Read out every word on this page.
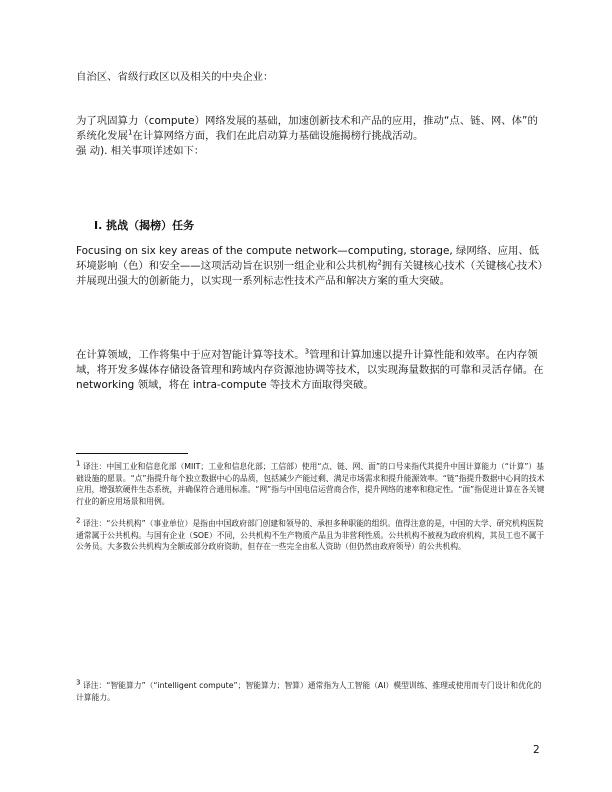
自治区、省级行政区以及相关的中央企业：

为了巩固算力（compute）网络发展的基础，加速创新技术和产品的应用，推动“点、链、网、体”的系统化发展$^1$在计算网络方面，我们在此启动算力基础设施揭榜行挑战活动。
强 动). 相关事项详述如下：

I. 挑战（揭榜）任务

Focusing on six key areas of the compute network—computing, storage, 绿网络、应用、低环境影响（色）和安全——这项活动旨在识别一组企业和公共机构$^2$拥有关键核心技术（关键核心技术）并展现出强大的创新能力，以实现一系列标志性技术产品和解决方案的重大突破。

在计算领域，工作将集中于应对智能计算等技术。$^3$管理和计算加速以提升计算性能和效率。在内存领域，将开发多媒体存储设备管理和跨域内存资源池协调等技术，以实现海量数据的可靠和灵活存储。在 networking 领域，将在 intra-compute 等技术方面取得突破。

$^1$ 译注：中国工业和信息化部（MIIT；工业和信息化部；工信部）使用“点、链、网、面”的口号来指代其提升中国计算能力（“计算”）基础设施的愿景。“点”指提升每个独立数据中心的品质，包括减少产能过剩、满足市场需求和提升能源效率。“链”指提升数据中心间的技术应用，增强软硬件生态系统，并确保符合通用标准。“网”指与中国电信运营商合作，提升网络的速率和稳定性。“面”指促进计算在各关键行业的新应用场景和用例。

$^2$ 译注：“公共机构”（事业单位）是指由中国政府部门创建和领导的、承担多种职能的组织。值得注意的是，中国的大学、研究机构医院通常属于公共机构。与国有企业（SOE）不同，公共机构不生产物质产品且为非营利性质。公共机构不被视为政府机构，其员工也不属于公务员。大多数公共机构为全额或部分政府资助，但存在一些完全由私人资助（但仍然由政府领导）的公共机构。

$^3$ 译注：“智能算力”（“intelligent compute”；智能算力；智算）通常指为人工智能（AI）模型训练、推理或使用而专门设计和优化的计算能力。

2
